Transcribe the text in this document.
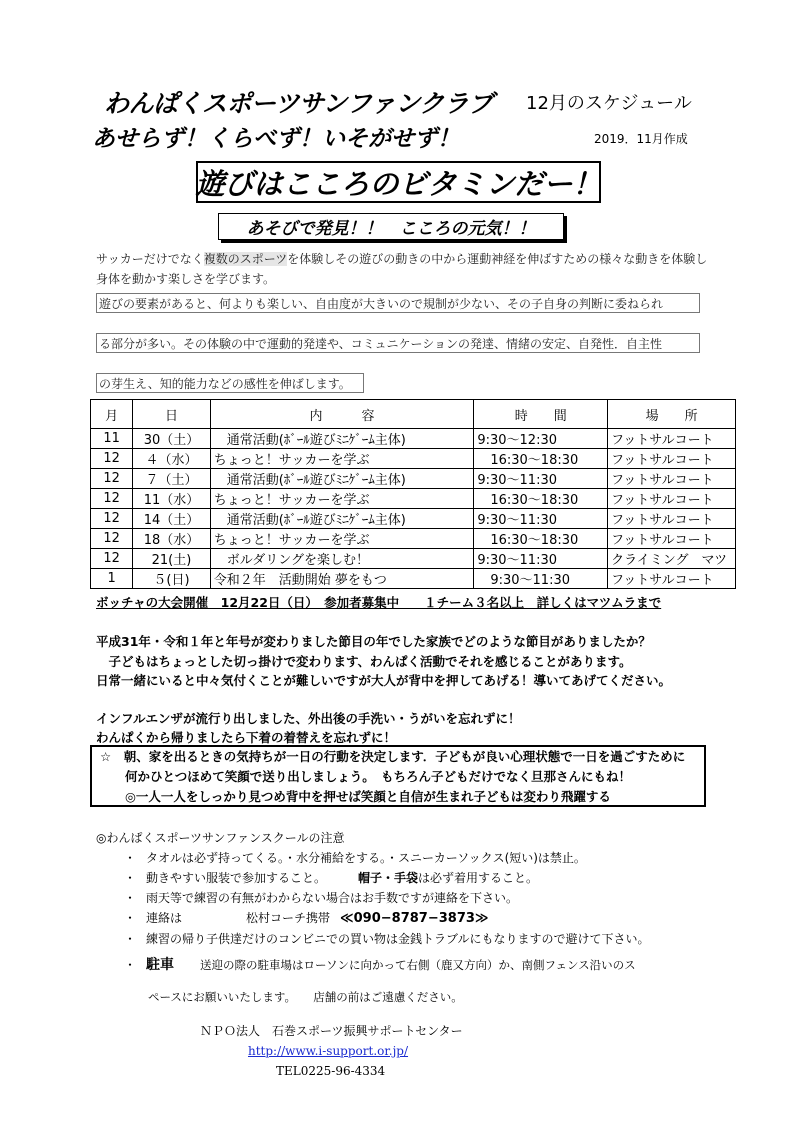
わんぱくスポーツサンファンクラブ 12月のスケジュール
あせらず！くらべず！いそがせず！	2019．11月作成
遊びはこころのビタミンだー！
あそびで発見！！　こころの元気！！
サッカーだけでなく複数のスポーツを体験しその遊びの動きの中から運動神経を伸ばすための様々な動きを体験し身体を動かす楽しさを学びます。
遊びの要素があると、何よりも楽しい、自由度が大きいので規制が少ない、その子自身の判断に委ねられ
る部分が多い。その体験の中で運動的発達や、コミュニケーションの発達、情緒の安定、自発性．自主性
の芽生え、知的能力などの感性を伸ばします。
月	日	内　　　容	時　　間	場　　所
11	30（土）	　通常活動(ﾎﾞｰﾙ遊びﾐﾆｹﾞｰﾑ主体)	9:30～12:30	フットサルコート
12	４（水）	ちょっと！サッカーを学ぶ	　16:30～18:30	フットサルコート
12	７（土）	　通常活動(ﾎﾞｰﾙ遊びﾐﾆｹﾞｰﾑ主体)	9:30～11:30	フットサルコート
12	11（水）	ちょっと！サッカーを学ぶ	　16:30～18:30	フットサルコート
12	14（土）	　通常活動(ﾎﾞｰﾙ遊びﾐﾆｹﾞｰﾑ主体)	9:30～11:30	フットサルコート
12	18（水）	ちょっと！サッカーを学ぶ	　16:30～18:30	フットサルコート
12	21(土)	　ボルダリングを楽しむ！	9:30～11:30	クライミング　マツ
1	５(日)	令和２年　活動開始 夢をもつ	　9:30～11:30	フットサルコート
ボッチャの大会開催　12月22日（日）　参加者募集中　　１チーム３名以上　詳しくはマツムラまで
平成31年・令和１年と年号が変わりました節目の年でした家族でどのような節目がありましたか？
　子どもはちょっとした切っ掛けで変わります、わんぱく活動でそれを感じることがあります。
日常一緒にいると中々気付くことが難しいですが大人が背中を押してあげる！導いてあげてください。
インフルエンザが流行り出しました、外出後の手洗い・うがいを忘れずに！
わんぱくから帰りましたら下着の着替えを忘れずに！
☆　朝、家を出るときの気持ちが一日の行動を決定します．子どもが良い心理状態で一日を過ごすために
　　何かひとつほめて笑顔で送り出しましょう。　もちろん子どもだけでなく旦那さんにもね！
　　◎一人一人をしっかり見つめ背中を押せば笑顔と自信が生まれ子どもは変わり飛躍する
◎わんぱくスポーツサンファンスクールの注意
・ タオルは必ず持ってくる。・水分補給をする。・スニーカーソックス(短い)は禁止。
・ 動きやすい服装で参加すること。	帽子・手袋は必ず着用すること。
・ 雨天等で練習の有無がわからない場合はお手数ですが連絡を下さい。
・ 連絡は	松村コーチ携帯 ≪090−8787−3873≫
・ 練習の帰り子供達だけのコンビニでの買い物は金銭トラブルにもなりますので避けて下さい。
・ 駐車 送迎の際の駐車場はローソンに向かって右側（鹿又方向）か、南側フェンス沿いのス
ペースにお願いいたします。　　店舗の前はご遠慮ください。
ＮＰＯ法人　石巻スポーツ振興サポートセンター
http://www.i-support.or.jp/
TEL0225-96-4334
